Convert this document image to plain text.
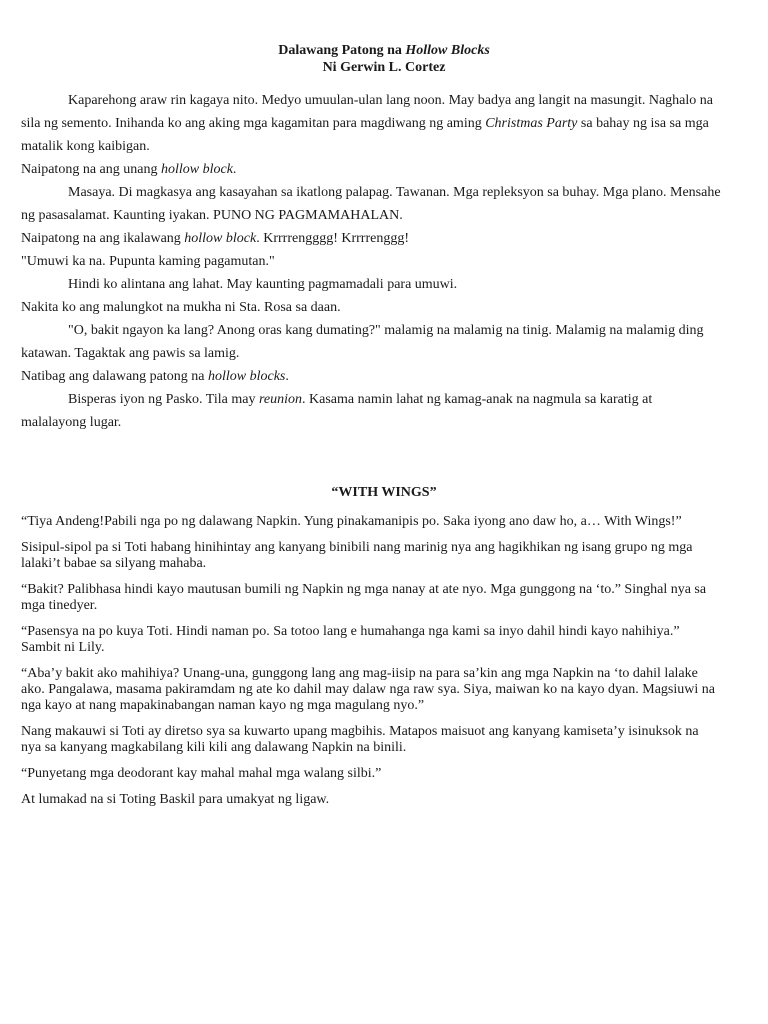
Dalawang Patong na Hollow Blocks
Ni Gerwin L. Cortez

Kaparehong araw rin kagaya nito. Medyo umuulan-ulan lang noon. May badya ang langit na masungit. Naghalo na sila ng semento. Inihanda ko ang aking mga kagamitan para magdiwang ng aming Christmas Party sa bahay ng isa sa mga matalik kong kaibigan.

Naipatong na ang unang hollow block.

Masaya. Di magkasya ang kasayahan sa ikatlong palapag. Tawanan. Mga repleksyon sa buhay. Mga plano. Mensahe ng pasasalamat. Kaunting iyakan. PUNO NG PAGMAMAHALAN.

Naipatong na ang ikalawang hollow block. Krrrrengggg! Krrrrenggg!

"Umuwi ka na. Pupunta kaming pagamutan."

Hindi ko alintana ang lahat. May kaunting pagmamadali para umuwi.

Nakita ko ang malungkot na mukha ni Sta. Rosa sa daan.

"O, bakit ngayon ka lang? Anong oras kang dumating?" malamig na malamig na tinig. Malamig na malamig ding katawan. Tagaktak ang pawis sa lamig.

Natibag ang dalawang patong na hollow blocks.

Bisperas iyon ng Pasko. Tila may reunion. Kasama namin lahat ng kamag-anak na nagmula sa karatig at malalayong lugar.

“WITH WINGS”

“Tiya Andeng!Pabili nga po ng dalawang Napkin. Yung pinakamanipis po. Saka iyong ano daw ho, a… With Wings!”

Sisipul-sipol pa si Toti habang hinihintay ang kanyang binibili nang marinig nya ang hagikhikan ng isang grupo ng mga lalaki’t babae sa silyang mahaba.

“Bakit? Palibhasa hindi kayo mautusan bumili ng Napkin ng mga nanay at ate nyo. Mga gunggong na ‘to.” Singhal nya sa mga tinedyer.

“Pasensya na po kuya Toti. Hindi naman po. Sa totoo lang e humahanga nga kami sa inyo dahil hindi kayo nahihiya.” Sambit ni Lily.

“Aba’y bakit ako mahihiya? Unang-una, gunggong lang ang mag-iisip na para sa’kin ang mga Napkin na ‘to dahil lalake ako. Pangalawa, masama pakiramdam ng ate ko dahil may dalaw nga raw sya. Siya, maiwan ko na kayo dyan. Magsiuwi na nga kayo at nang mapakinabangan naman kayo ng mga magulang nyo.”

Nang makauwi si Toti ay diretso sya sa kuwarto upang magbihis. Matapos maisuot ang kanyang kamiseta’y isinuksok na nya sa kanyang magkabilang kili kili ang dalawang Napkin na binili.

“Punyetang mga deodorant kay mahal mahal mga walang silbi.”

At lumakad na si Toting Baskil para umakyat ng ligaw.
